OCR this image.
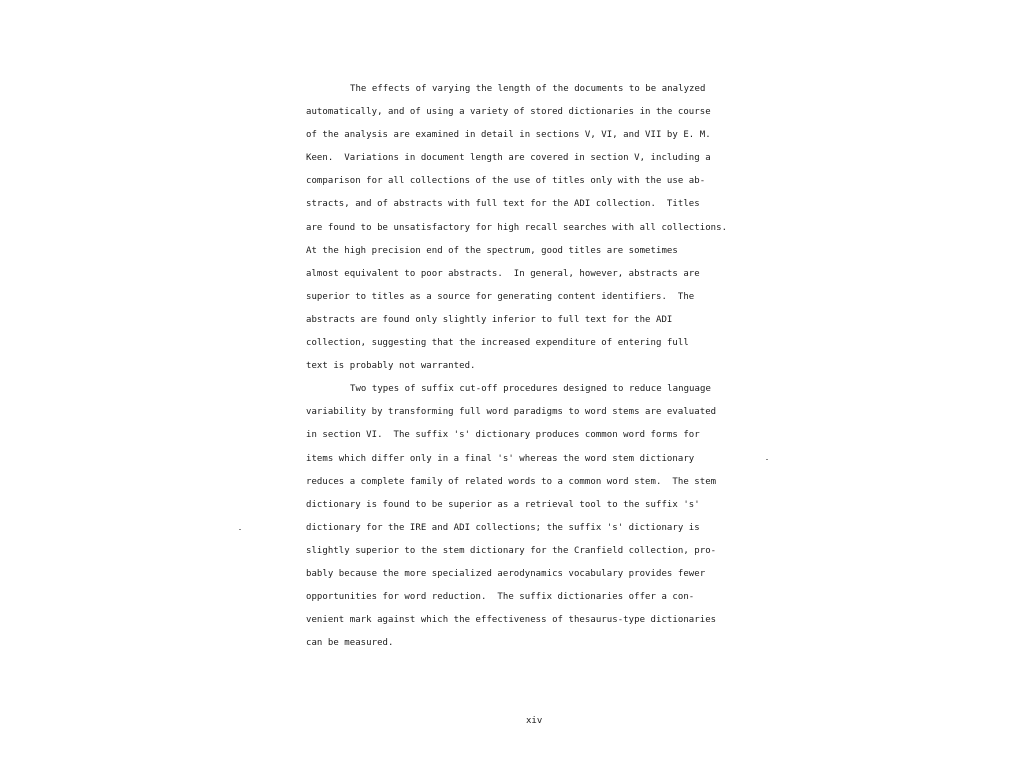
The effects of varying the length of the documents to be analyzed
automatically, and of using a variety of stored dictionaries in the course
of the analysis are examined in detail in sections V, VI, and VII by E. M.
Keen.  Variations in document length are covered in section V, including a
comparison for all collections of the use of titles only with the use ab-
stracts, and of abstracts with full text for the ADI collection.  Titles
are found to be unsatisfactory for high recall searches with all collections.
At the high precision end of the spectrum, good titles are sometimes
almost equivalent to poor abstracts.  In general, however, abstracts are
superior to titles as a source for generating content identifiers.  The
abstracts are found only slightly inferior to full text for the ADI
collection, suggesting that the increased expenditure of entering full
text is probably not warranted.
Two types of suffix cut-off procedures designed to reduce language
variability by transforming full word paradigms to word stems are evaluated
in section VI.  The suffix 's' dictionary produces common word forms for
items which differ only in a final 's' whereas the word stem dictionary
reduces a complete family of related words to a common word stem.  The stem
dictionary is found to be superior as a retrieval tool to the suffix 's'
dictionary for the IRE and ADI collections; the suffix 's' dictionary is
slightly superior to the stem dictionary for the Cranfield collection, pro-
bably because the more specialized aerodynamics vocabulary provides fewer
opportunities for word reduction.  The suffix dictionaries offer a con-
venient mark against which the effectiveness of thesaurus-type dictionaries
can be measured.
xiv
